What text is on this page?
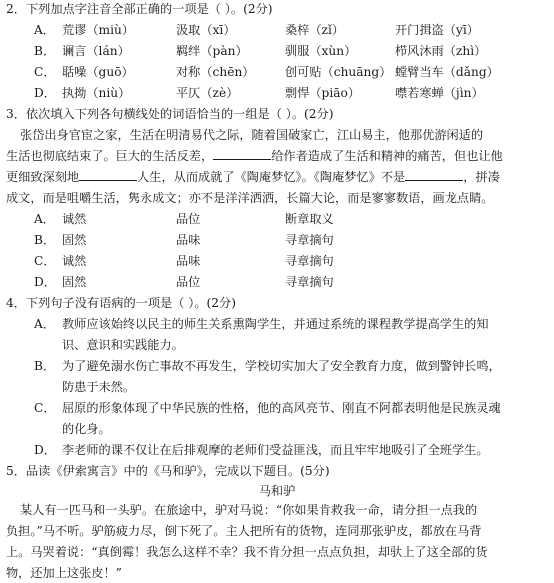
2．下列加点字注音全部正确的一项是（ ）。(2分)
A． 荒谬（miù）	汲取（xī）	桑梓（zǐ）	开门揖盗（yī）
B． 谰言（lán）	羁绊（pàn）	驯服（xùn）	栉风沐雨（zhì）
C． 聒噪（guō）	对称（chēn）	创可贴（chuāng） 螳臂当车（dǎng）
D． 执拗（niù）	平仄（zè）	剽悍（piāo）	噤若寒蝉（jìn）
3．依次填入下列各句横线处的词语恰当的一组是（ ）。(2分)
张岱出身官宦之家，生活在明清易代之际，随着国破家亡，江山易主，他那优游闲适的
生活也彻底结束了。巨大的生活反差，	给作者造成了生活和精神的痛苦，但也让他
更细致深刻地	人生，从而成就了《陶庵梦忆》。《陶庵梦忆》不是	，拼凑
成文，而是咀嚼生活，隽永成文；亦不是洋洋洒洒，长篇大论，而是寥寥数语，画龙点睛。
A． 诚然	品位	断章取义
B． 固然	品味	寻章摘句
C． 诚然	品味	寻章摘句
D． 固然	品位	寻章摘句
4．下列句子没有语病的一项是（ ）。(2分)
A． 教师应该始终以民主的师生关系熏陶学生，并通过系统的课程教学提高学生的知
识、意识和实践能力。
B． 为了避免溺水伤亡事故不再发生，学校切实加大了安全教育力度，做到警钟长鸣，
防患于未然。
C． 屈原的形象体现了中华民族的性格，他的高风亮节、刚直不阿都表明他是民族灵魂
的化身。
D． 李老师的课不仅让在后排观摩的老师们受益匪浅，而且牢牢地吸引了全班学生。
5．品读《伊索寓言》中的《马和驴》，完成以下题目。(5分)
马和驴
某人有一匹马和一头驴。在旅途中，驴对马说：“你如果肯救我一命，请分担一点我的
负担。”马不听。驴筋疲力尽，倒下死了。主人把所有的货物，连同那张驴皮，都放在马背
上。马哭着说：“真倒霉！我怎么这样不幸？我不肯分担一点点负担，却驮上了这全部的货
物，还加上这张皮！”
